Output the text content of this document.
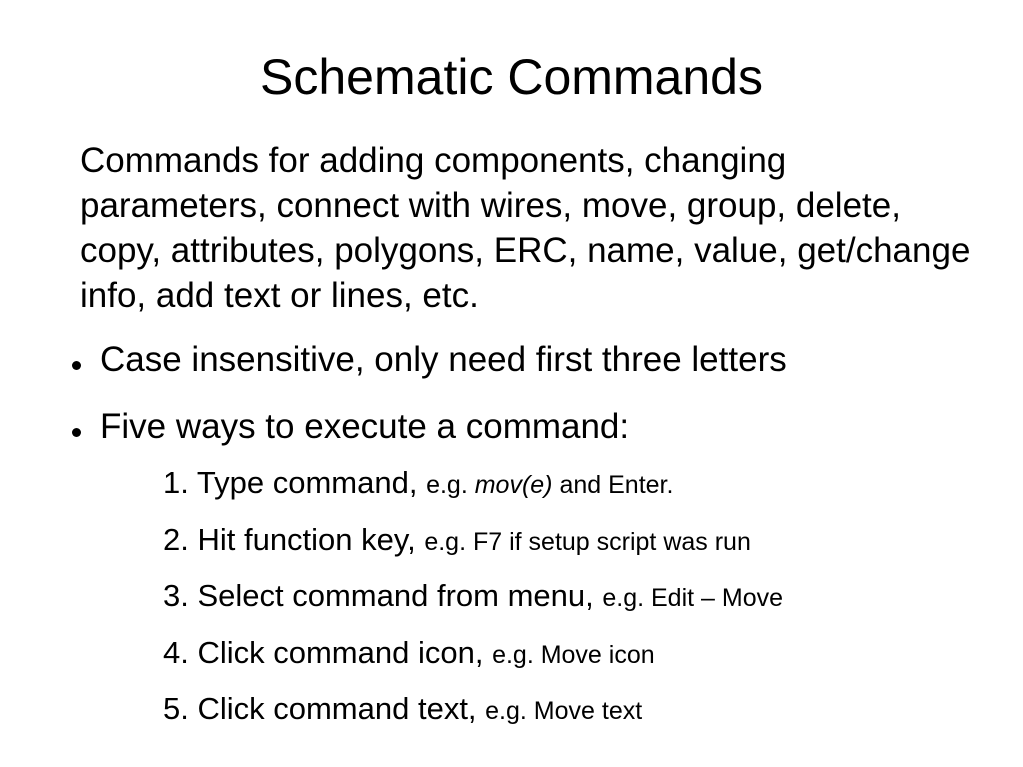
Schematic Commands

Commands for adding components, changing parameters, connect with wires, move, group, delete, copy, attributes, polygons, ERC, name, value, get/change info, add text or lines, etc.

Case insensitive, only need first three letters
Five ways to execute a command:
1. Type command, e.g. mov(e) and Enter.
2. Hit function key, e.g. F7 if setup script was run
3. Select command from menu, e.g. Edit – Move
4. Click command icon, e.g. Move icon
5. Click command text, e.g. Move text
